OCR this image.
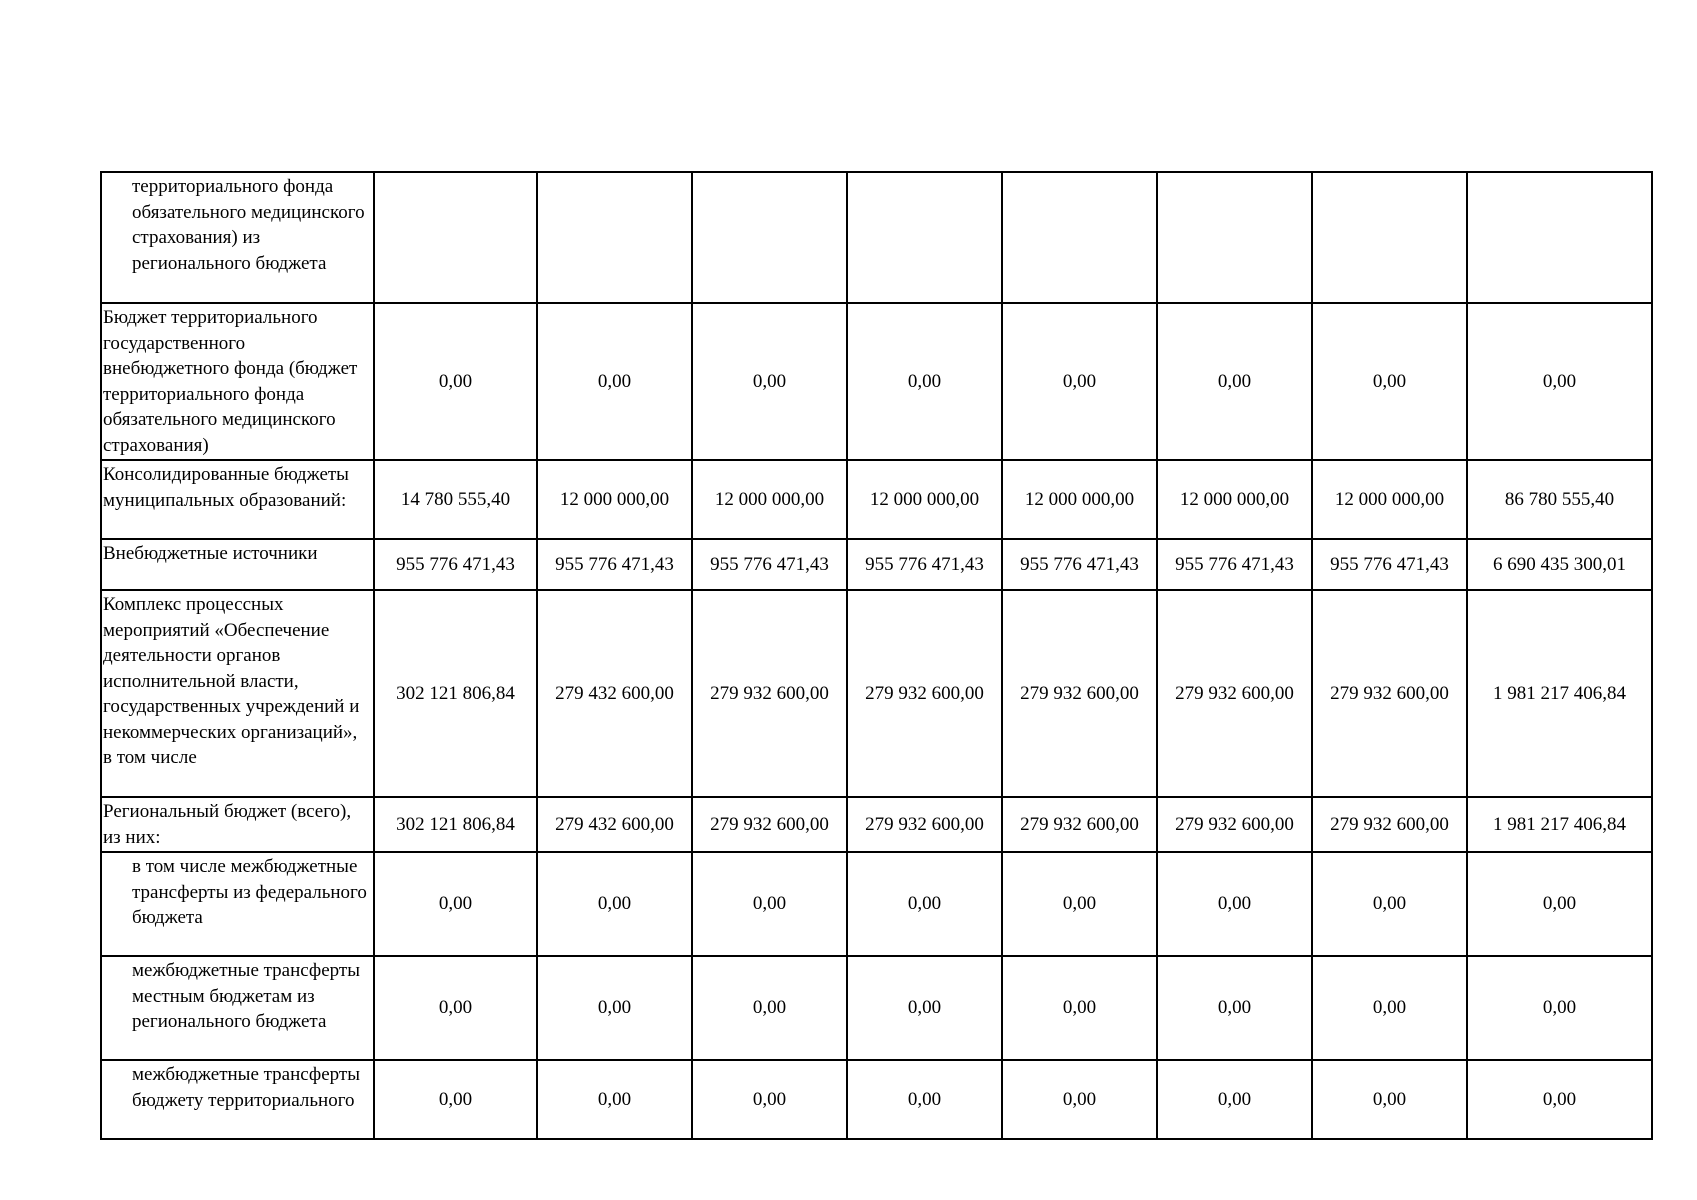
территориального фонда обязательного медицинского страхования) из регионального бюджета								

Бюджет территориального государственного внебюджетного фонда (бюджет территориального фонда обязательного медицинского страхования)	0,00	0,00	0,00	0,00	0,00	0,00	0,00	0,00

Консолидированные бюджеты муниципальных образований:	14 780 555,40	12 000 000,00	12 000 000,00	12 000 000,00	12 000 000,00	12 000 000,00	12 000 000,00	86 780 555,40

Внебюджетные источники	955 776 471,43	955 776 471,43	955 776 471,43	955 776 471,43	955 776 471,43	955 776 471,43	955 776 471,43	6 690 435 300,01

Комплекс процессных мероприятий «Обеспечение деятельности органов исполнительной власти, государственных учреждений и некоммерческих организаций», в том числе	302 121 806,84	279 432 600,00	279 932 600,00	279 932 600,00	279 932 600,00	279 932 600,00	279 932 600,00	1 981 217 406,84

Региональный бюджет (всего), из них:	302 121 806,84	279 432 600,00	279 932 600,00	279 932 600,00	279 932 600,00	279 932 600,00	279 932 600,00	1 981 217 406,84

в том числе межбюджетные трансферты из федерального бюджета	0,00	0,00	0,00	0,00	0,00	0,00	0,00	0,00

межбюджетные трансферты местным бюджетам из регионального бюджета	0,00	0,00	0,00	0,00	0,00	0,00	0,00	0,00

межбюджетные трансферты бюджету территориального	0,00	0,00	0,00	0,00	0,00	0,00	0,00	0,00
